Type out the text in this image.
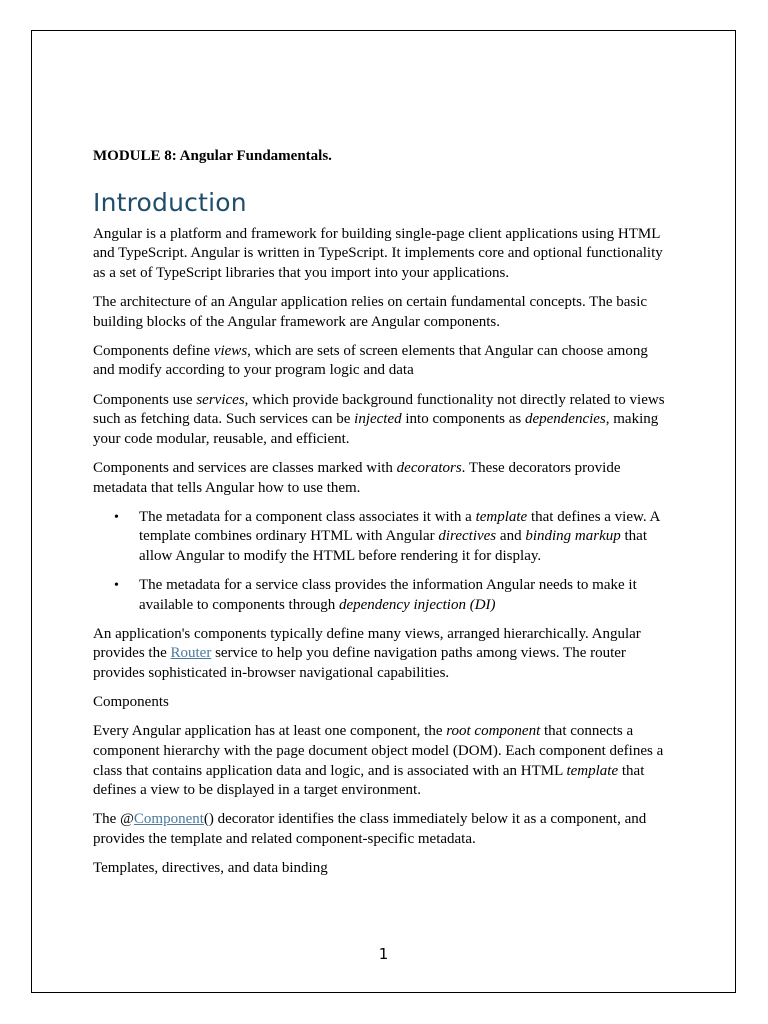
MODULE 8: Angular Fundamentals.

Introduction

Angular is a platform and framework for building single-page client applications using HTML and TypeScript. Angular is written in TypeScript. It implements core and optional functionality as a set of TypeScript libraries that you import into your applications.

The architecture of an Angular application relies on certain fundamental concepts. The basic building blocks of the Angular framework are Angular components.

Components define views, which are sets of screen elements that Angular can choose among and modify according to your program logic and data

Components use services, which provide background functionality not directly related to views such as fetching data. Such services can be injected into components as dependencies, making your code modular, reusable, and efficient.

Components and services are classes marked with decorators. These decorators provide metadata that tells Angular how to use them.

• The metadata for a component class associates it with a template that defines a view. A template combines ordinary HTML with Angular directives and binding markup that allow Angular to modify the HTML before rendering it for display.
• The metadata for a service class provides the information Angular needs to make it available to components through dependency injection (DI)

An application's components typically define many views, arranged hierarchically. Angular provides the Router service to help you define navigation paths among views. The router provides sophisticated in-browser navigational capabilities.

Components

Every Angular application has at least one component, the root component that connects a component hierarchy with the page document object model (DOM). Each component defines a class that contains application data and logic, and is associated with an HTML template that defines a view to be displayed in a target environment.

The @Component() decorator identifies the class immediately below it as a component, and provides the template and related component-specific metadata.

Templates, directives, and data binding

1
